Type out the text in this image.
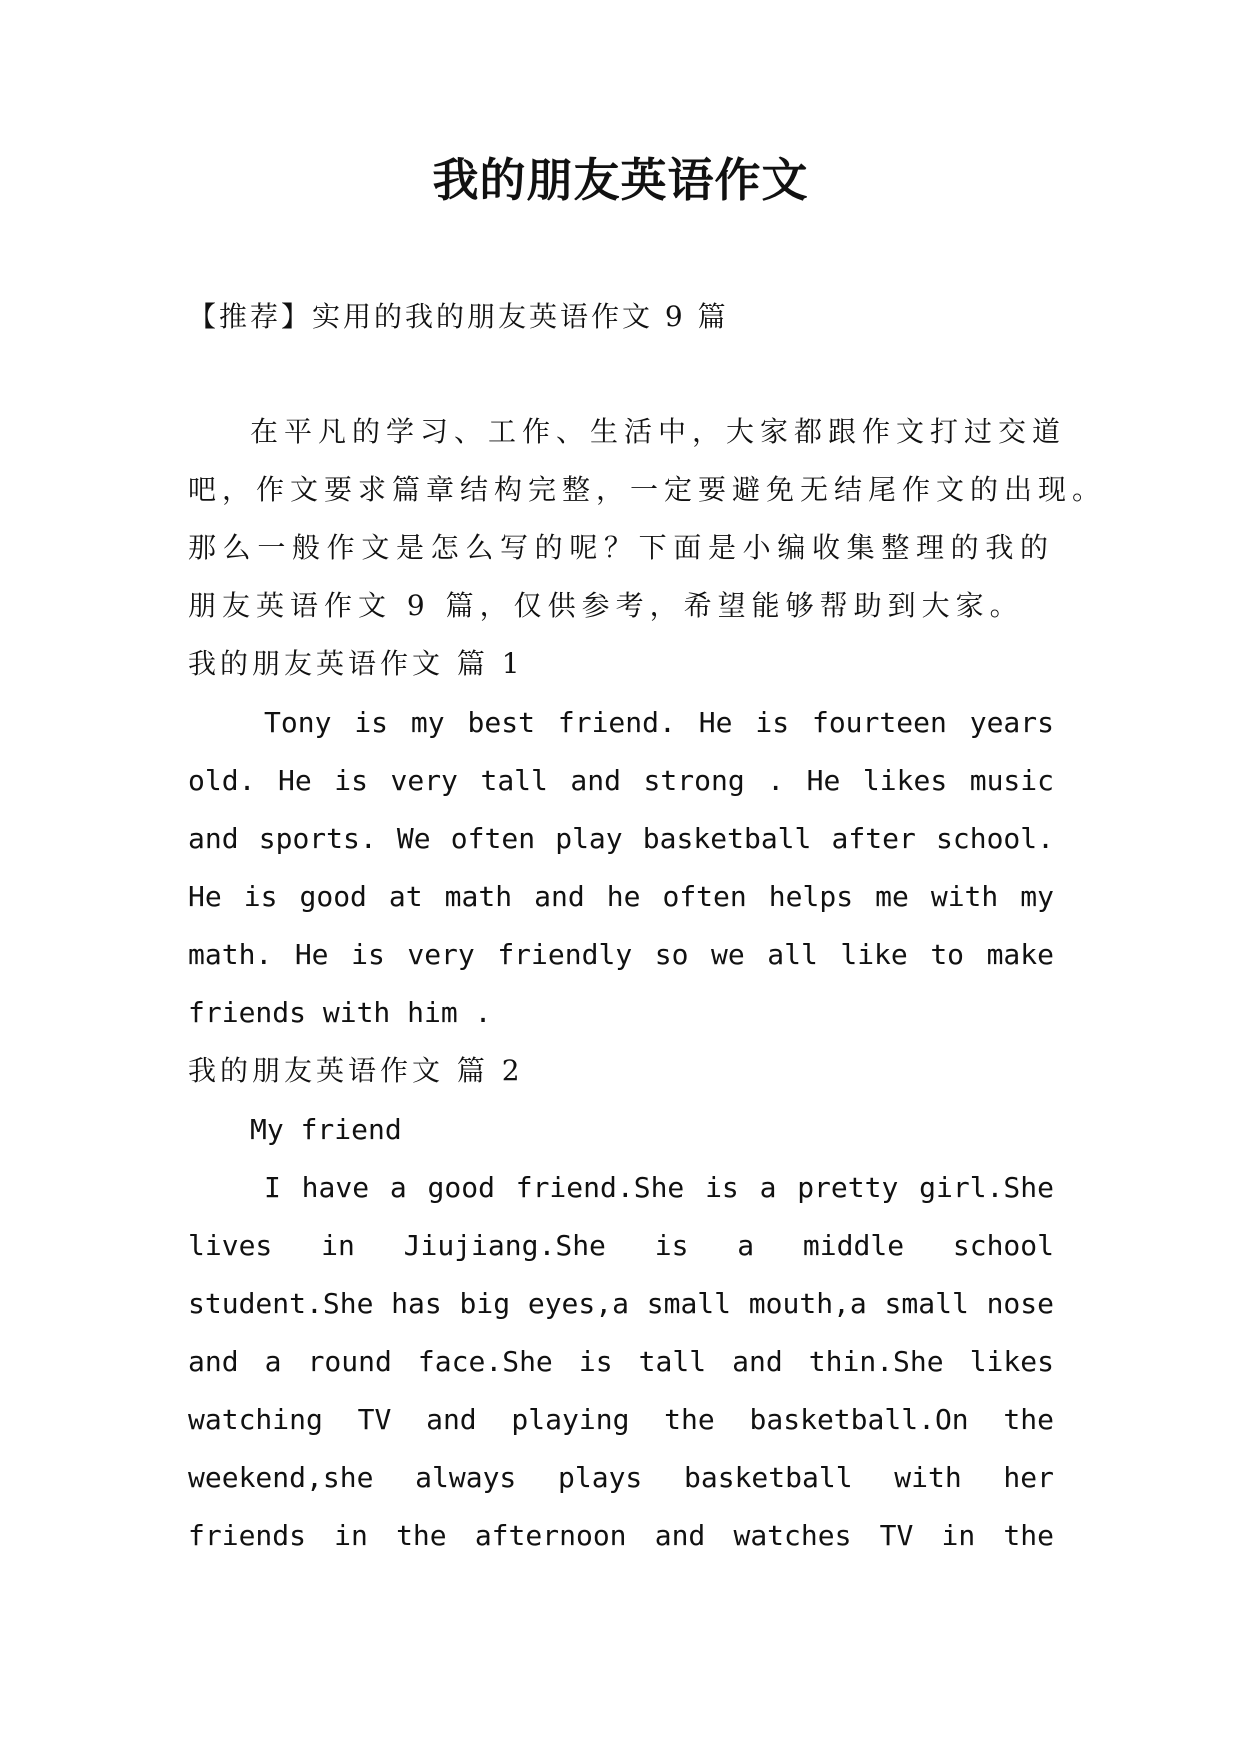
我的朋友英语作文
【推荐】实用的我的朋友英语作文 9 篇
在平凡的学习、工作、生活中，大家都跟作文打过交道
吧，作文要求篇章结构完整，一定要避免无结尾作文的出现。
那么一般作文是怎么写的呢？下面是小编收集整理的我的
朋友英语作文 9 篇，仅供参考，希望能够帮助到大家。
我的朋友英语作文 篇 1
Tony is my best friend. He is fourteen years
old. He is very tall and strong . He likes music
and sports. We often play basketball after school.
He is good at math and he often helps me with my
math. He is very friendly so we all like to make
friends with him .
我的朋友英语作文 篇 2
My friend
I have a good friend.She is a pretty girl.She
lives in Jiujiang.She is a middle school
student.She has big eyes,a small mouth,a small nose
and a round face.She is tall and thin.She likes
watching TV and playing the basketball.On the
weekend,she always plays basketball with her
friends in the afternoon and watches TV in the
